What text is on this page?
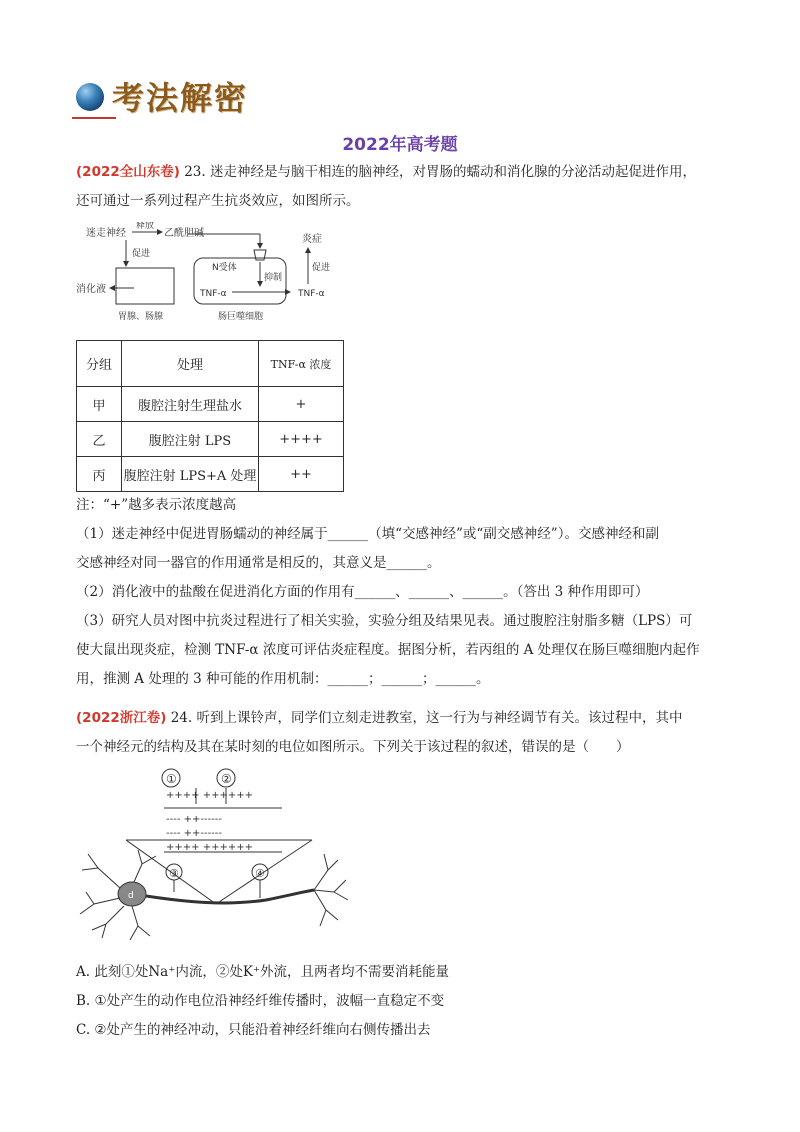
考法解密
2022年高考题
(2022全山东卷) 23. 迷走神经是与脑干相连的脑神经，对胃肠的蠕动和消化腺的分泌活动起促进作用，
还可通过一系列过程产生抗炎效应，如图所示。
迷走神经
释放
乙酰胆碱
促进
消化液
胃腺、肠腺
N受体
抑制
TNF-α	TNF-α
促进
炎症
肠巨噬细胞
分组	处理	TNF-α 浓度
甲	腹腔注射生理盐水	+
乙	腹腔注射 LPS	++++
丙	腹腔注射 LPS+A 处理	++
注：“+”越多表示浓度越高
（1）迷走神经中促进胃肠蠕动的神经属于______（填“交感神经”或“副交感神经”）。交感神经和副
交感神经对同一器官的作用通常是相反的，其意义是______。
（2）消化液中的盐酸在促进消化方面的作用有______、______、______。（答出 3 种作用即可）
（3）研究人员对图中抗炎过程进行了相关实验，实验分组及结果见表。通过腹腔注射脂多糖（LPS）可
使大鼠出现炎症，检测 TNF-α 浓度可评估炎症程度。据图分析，若丙组的 A 处理仅在肠巨噬细胞内起作
用，推测 A 处理的 3 种可能的作用机制：______；______；______。
(2022浙江卷) 24. 听到上课铃声，同学们立刻走进教室，这一行为与神经调节有关。该过程中，其中
一个神经元的结构及其在某时刻的电位如图所示。下列关于该过程的叙述，错误的是（　　）
①	②
++++ ++++++
---- ++------
---- ++------
++++ ++++++
③	④
d
A. 此刻①处Na⁺内流，②处K⁺外流，且两者均不需要消耗能量
B. ①处产生的动作电位沿神经纤维传播时，波幅一直稳定不变
C. ②处产生的神经冲动，只能沿着神经纤维向右侧传播出去
